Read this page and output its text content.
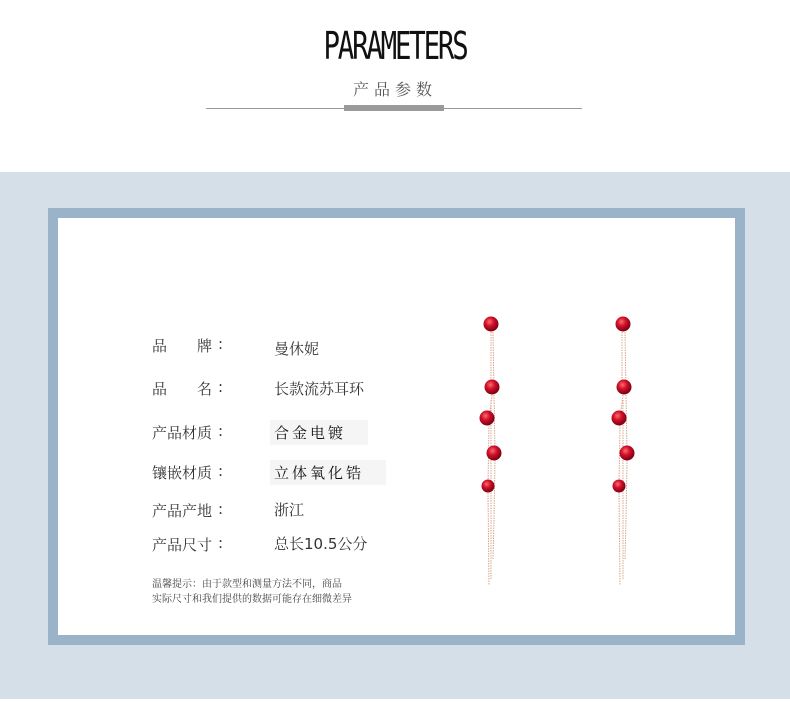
PARAMETERS
产品参数
品　　牌 :	曼休妮
品　　名 :	长款流苏耳环
产品材质 :	合金电镀
镶嵌材质 :	立体氧化锆
产品产地 :	浙江
产品尺寸 :	总长10.5公分
温馨提示：由于款型和测量方法不同，商品
实际尺寸和我们提供的数据可能存在细微差异
